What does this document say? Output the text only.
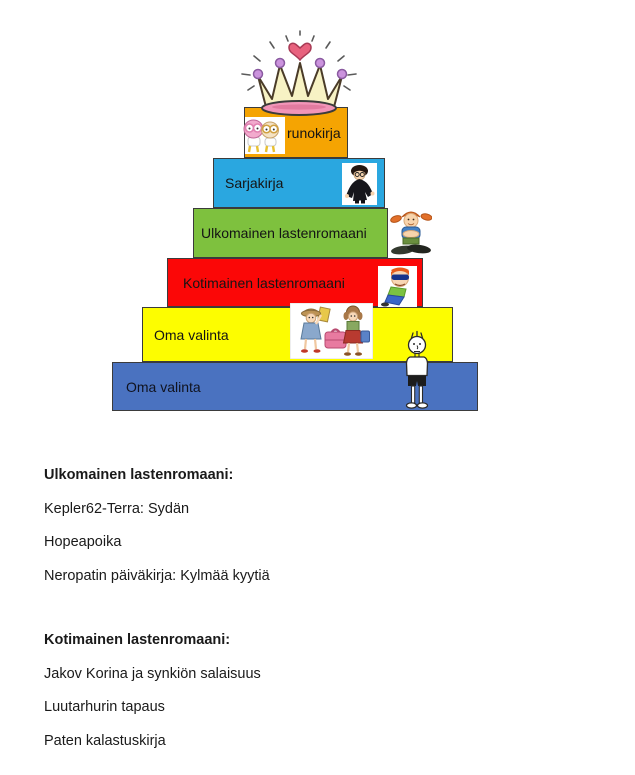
runokirja
Sarjakirja
Ulkomainen lastenromaani
Kotimainen lastenromaani
Oma valinta
Oma valinta

Ulkomainen lastenromaani:

Kepler62-Terra: Sydän

Hopeapoika

Neropatin päiväkirja: Kylmää kyytiä

Kotimainen lastenromaani:

Jakov Korina ja synkiön salaisuus

Luutarhurin tapaus

Paten kalastuskirja
